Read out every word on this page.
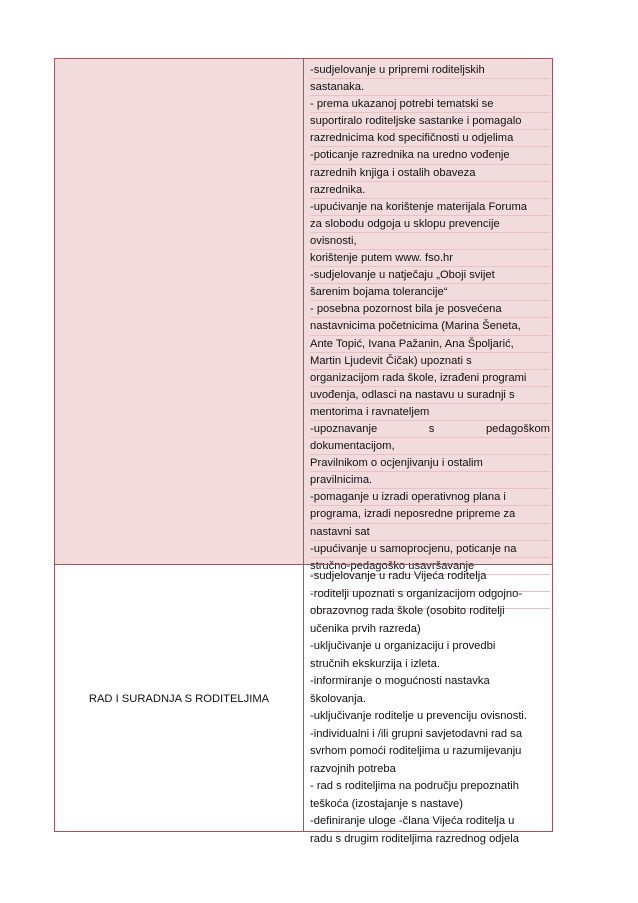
-sudjelovanje u pripremi roditeljskih
sastanaka.
- prema ukazanoj potrebi tematski se
suportiralo roditeljske sastanke i pomagalo
razrednicima kod specifičnosti u odjelima
-poticanje razrednika na uredno vođenje
razrednih knjiga i ostalih obaveza
razrednika.
-upućivanje na korištenje materijala Foruma
za slobodu odgoja u sklopu prevencije
ovisnosti,
korištenje putem www. fso.hr
-sudjelovanje u natječaju „Oboji svijet
šarenim bojama tolerancije“
- posebna pozornost bila je posvećena
nastavnicima početnicima (Marina Šeneta,
Ante Topić, Ivana Pažanin, Ana Špoljarić,
Martin Ljudevit Čičak) upoznati s
organizacijom rada škole, izrađeni programi
uvođenja, odlasci na nastavu u suradnji s
mentorima i ravnateljem
-upoznavanje	s	pedagoškom
dokumentacijom,
Pravilnikom o ocjenjivanju i ostalim
pravilnicima.
-pomaganje u izradi operativnog plana i
programa, izradi neposredne pripreme za
nastavni sat
-upućivanje u samoprocjenu, poticanje na
stručno-pedagoško usavršavanje
RAD I SURADNJA S RODITELJIMA
-sudjelovanje u radu Vijeća roditelja
-roditelji upoznati s organizacijom odgojno-
obrazovnog rada škole (osobito roditelji
učenika prvih razreda)
-uključivanje u organizaciju i provedbi
stručnih ekskurzija i izleta.
-informiranje o mogućnosti nastavka
školovanja.
-uključivanje roditelje u prevenciju ovisnosti.
-individualni i /ili grupni savjetodavni rad sa
svrhom pomoći roditeljima u razumijevanju
razvojnih potreba
- rad s roditeljima na području prepoznatih
teškoća (izostajanje s nastave)
-definiranje uloge -člana Vijeća roditelja u
radu s drugim roditeljima razrednog odjela
